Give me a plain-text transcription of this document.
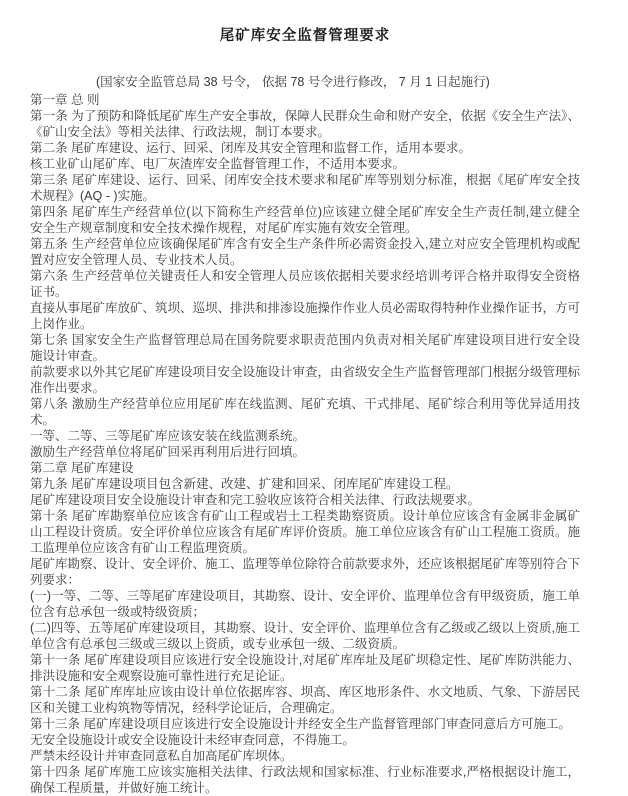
尾矿库安全监督管理要求
(国家安全监管总局 38 号令， 依据 78 号令进行修改， 7 月 1 日起施行)

第一章 总 则

第一条 为了预防和降低尾矿库生产安全事故，保障人民群众生命和财产安全，依据《安全生产法》、《矿山安全法》等相关法律、行政法规，制订本要求。

第二条 尾矿库建设、运行、回采、闭库及其安全管理和监督工作，适用本要求。

核工业矿山尾矿库、电厂灰渣库安全监督管理工作，不适用本要求。

第三条 尾矿库建设、运行、回采、闭库安全技术要求和尾矿库等别划分标准，根据《尾矿库安全技术规程》(AQ - )实施。

第四条 尾矿库生产经营单位(以下简称生产经营单位)应该建立健全尾矿库安全生产责任制,建立健全安全生产规章制度和安全技术操作规程，对尾矿库实施有效安全管理。

第五条 生产经营单位应该确保尾矿库含有安全生产条件所必需资金投入,建立对应安全管理机构或配置对应安全管理人员、专业技术人员。

第六条 生产经营单位关键责任人和安全管理人员应该依据相关要求经培训考评合格并取得安全资格证书。

直接从事尾矿库放矿、筑坝、巡坝、排洪和排渗设施操作作业人员必需取得特种作业操作证书，方可上岗作业。

第七条 国家安全生产监督管理总局在国务院要求职责范围内负责对相关尾矿库建设项目进行安全设施设计审查。

前款要求以外其它尾矿库建设项目安全设施设计审查，由省级安全生产监督管理部门根据分级管理标准作出要求。

第八条 激励生产经营单位应用尾矿库在线监测、尾矿充填、干式排尾、尾矿综合利用等优异适用技术。

一等、二等、三等尾矿库应该安装在线监测系统。

激励生产经营单位将尾矿回采再利用后进行回填。

第二章 尾矿库建设

第九条 尾矿库建设项目包含新建、改建、扩建和回采、闭库尾矿库建设工程。

尾矿库建设项目安全设施设计审查和完工验收应该符合相关法律、行政法规要求。

第十条 尾矿库勘察单位应该含有矿山工程或岩土工程类勘察资质。设计单位应该含有金属非金属矿山工程设计资质。安全评价单位应该含有尾矿库评价资质。施工单位应该含有矿山工程施工资质。施工监理单位应该含有矿山工程监理资质。

尾矿库勘察、设计、安全评价、施工、监理等单位除符合前款要求外，还应该根据尾矿库等别符合下列要求：

(一)一等、二等、三等尾矿库建设项目，其勘察、设计、安全评价、监理单位含有甲级资质，施工单位含有总承包一级或特级资质；

(二)四等、五等尾矿库建设项目，其勘察、设计、安全评价、监理单位含有乙级或乙级以上资质,施工单位含有总承包三级或三级以上资质，或专业承包一级、二级资质。

第十一条 尾矿库建设项目应该进行安全设施设计,对尾矿库库址及尾矿坝稳定性、尾矿库防洪能力、排洪设施和安全观察设施可靠性进行充足论证。

第十二条 尾矿库库址应该由设计单位依据库容、坝高、库区地形条件、水文地质、气象、下游居民区和关键工业构筑物等情况，经科学论证后，合理确定。

第十三条 尾矿库建设项目应该进行安全设施设计并经安全生产监督管理部门审查同意后方可施工。

无安全设施设计或安全设施设计未经审查同意，不得施工。

严禁未经设计并审查同意私自加高尾矿库坝体。

第十四条 尾矿库施工应该实施相关法律、行政法规和国家标准、行业标准要求,严格根据设计施工，确保工程质量，并做好施工统计。
